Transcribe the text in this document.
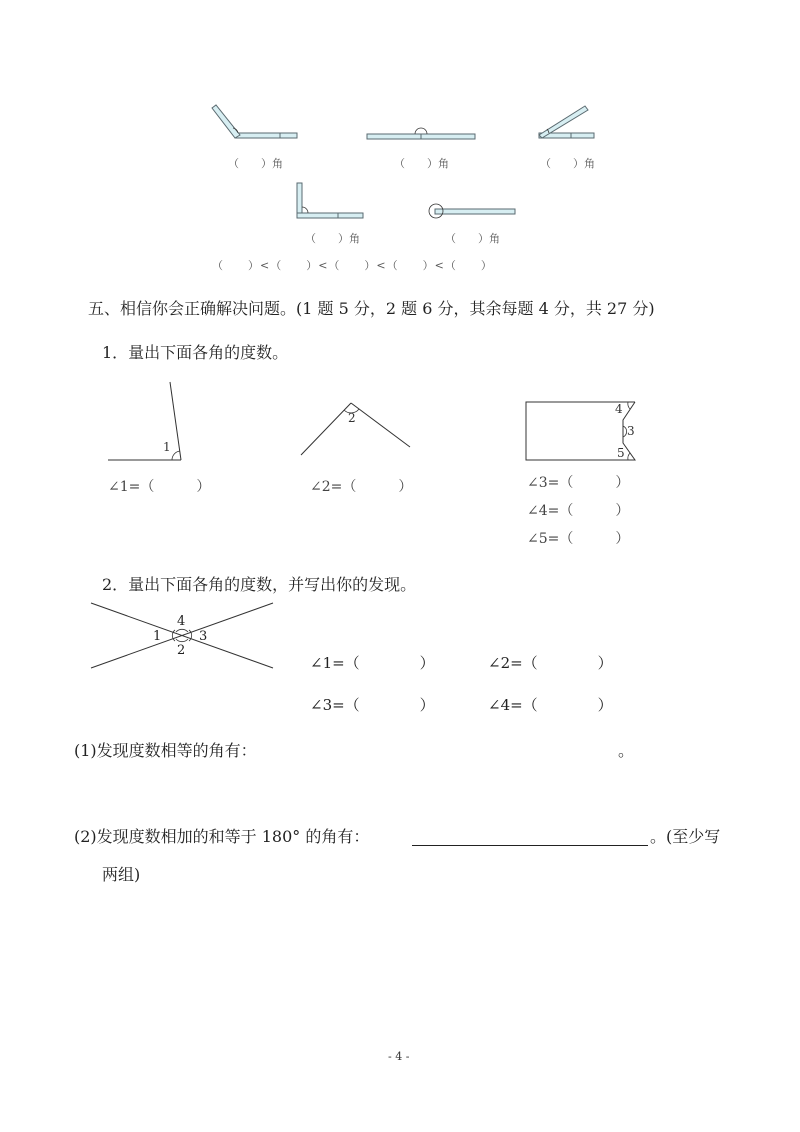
（　　）角	（　　）角	（　　）角
（　　）角	（　　）角
（　　）<（　　）<（　　）<（　　）<（　　）
五、相信你会正确解决问题。(1 题 5 分，2 题 6 分，其余每题 4 分，共 27 分)
1．量出下面各角的度数。
1
∠1=（　　　）
2
∠2=（　　　）
4
3
5
∠3=（　　　）
∠4=（　　　）
∠5=（　　　）
2．量出下面各角的度数，并写出你的发现。
4
1	3
2
∠1=（　　　　）	∠2=（　　　　）
∠3=（　　　　）	∠4=（　　　　）
(1)发现度数相等的角有：	。
(2)发现度数相加的和等于 180° 的角有：	。(至少写
两组)
- 4 -
